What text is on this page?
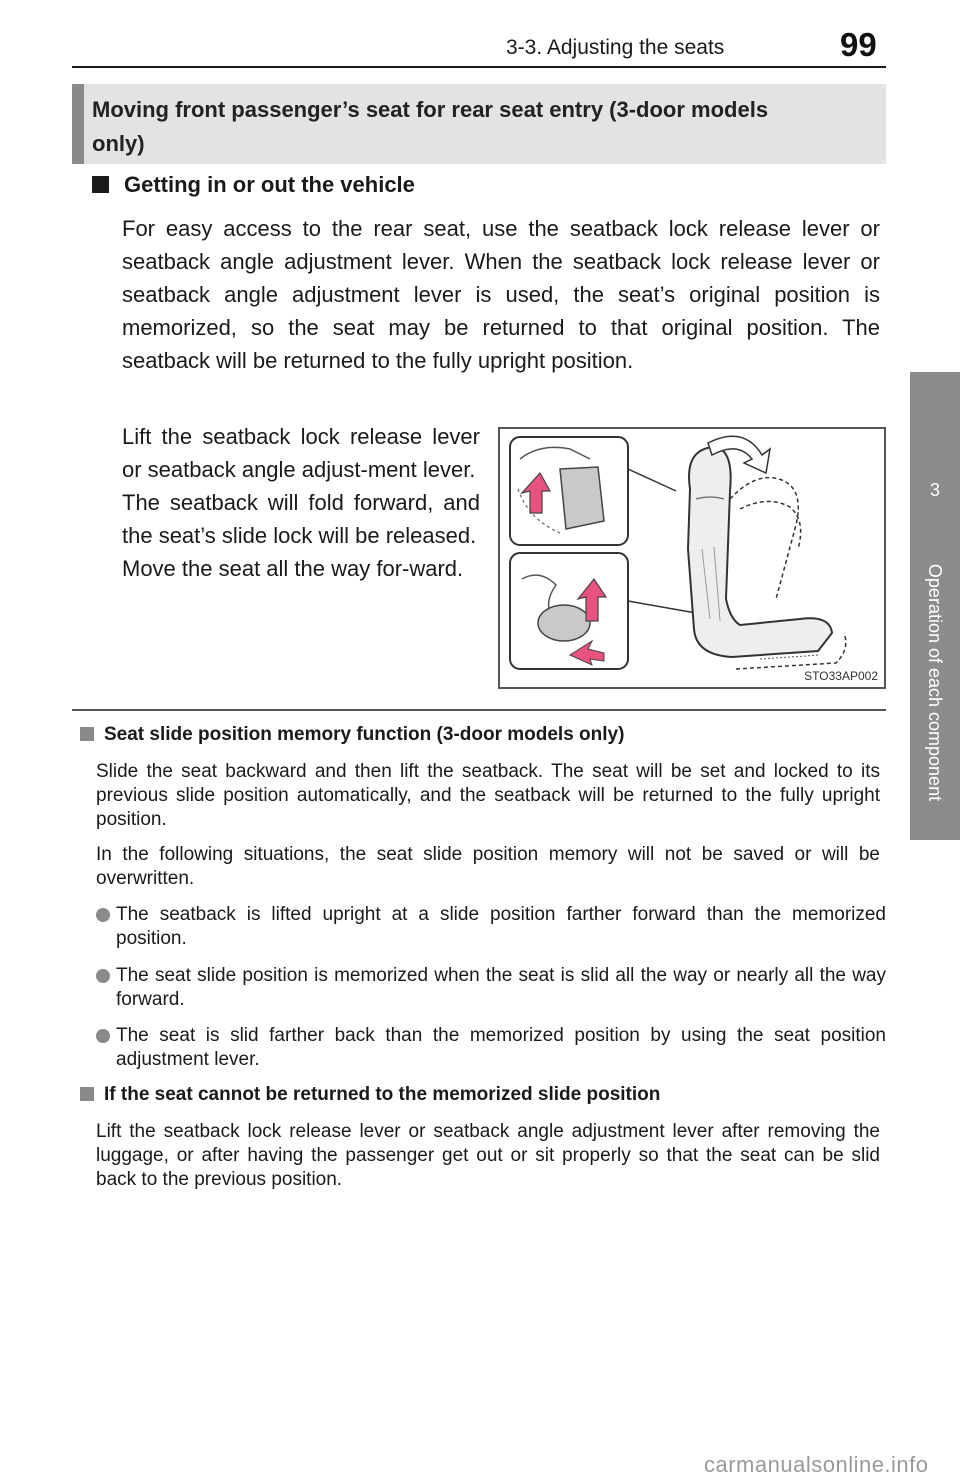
3-3. Adjusting the seats	99
3
Operation of each component
Moving front passenger’s seat for rear seat entry (3-door models
only)
Getting in or out the vehicle
For easy access to the rear seat, use the seatback lock release lever or seatback angle adjustment lever. When the seatback lock release lever or seatback angle adjustment lever is used, the seat’s original position is memorized, so the seat may be returned to that original position. The seatback will be returned to the fully upright position.

Lift the seatback lock release lever or seatback angle adjust-ment lever.

The seatback will fold forward, and the seat’s slide lock will be released.

Move the seat all the way for-ward.

STO33AP002
Seat slide position memory function (3-door models only)
Slide the seat backward and then lift the seatback. The seat will be set and locked to its previous slide position automatically, and the seatback will be returned to the fully upright position.
In the following situations, the seat slide position memory will not be saved or will be overwritten.
The seatback is lifted upright at a slide position farther forward than the memorized position.
The seat slide position is memorized when the seat is slid all the way or nearly all the way forward.
The seat is slid farther back than the memorized position by using the seat position adjustment lever.
If the seat cannot be returned to the memorized slide position
Lift the seatback lock release lever or seatback angle adjustment lever after removing the luggage, or after having the passenger get out or sit properly so that the seat can be slid back to the previous position.
carmanualsonline.info
